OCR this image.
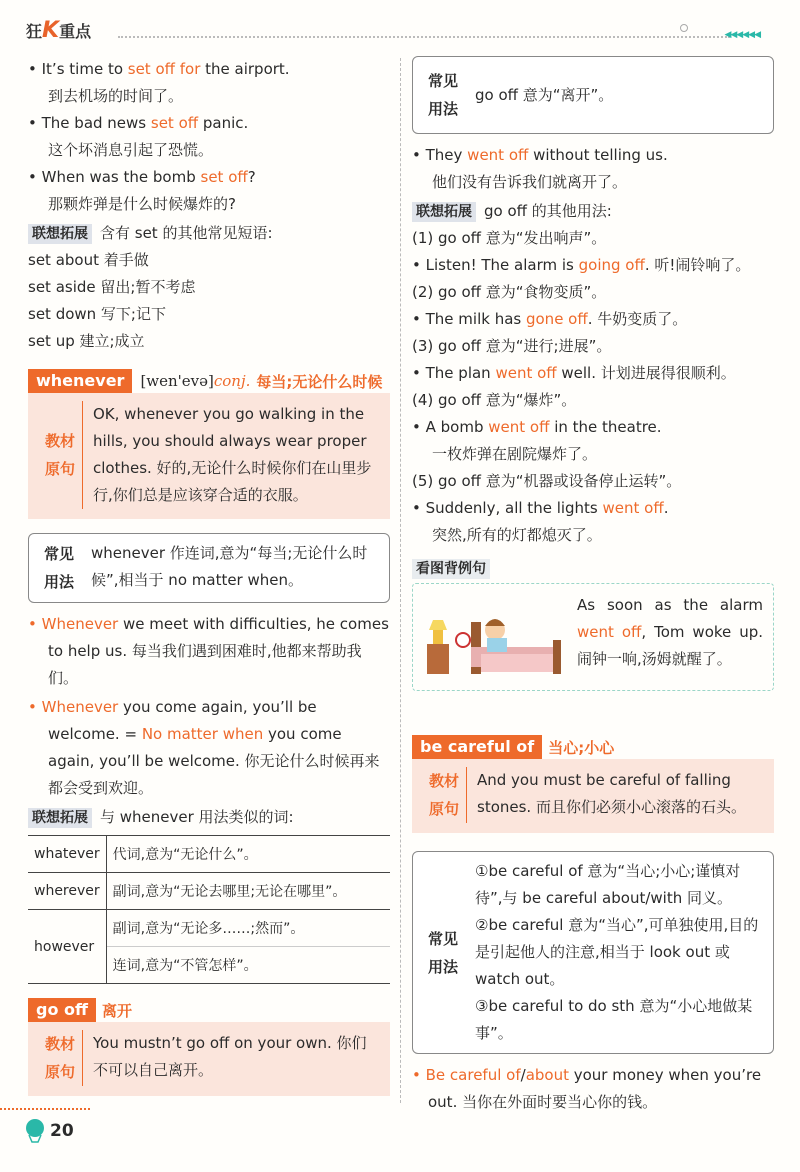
狂K重点	◀◀◀◀◀◀

• It’s time to set off for the airport.

到去机场的时间了。

• The bad news set off panic.

这个坏消息引起了恐慌。

• When was the bomb set off?

那颗炸弹是什么时候爆炸的?

联想拓展 含有 set 的其他常见短语:

set about 着手做

set aside 留出;暂不考虑

set down 写下;记下

set up 建立;成立

whenever	[wen'evə] conj. 每当;无论什么时候
教材原句
OK, whenever you go walking in the hills, you should always wear proper clothes. 好的,无论什么时候你们在山里步行,你们总是应该穿合适的衣服。
常见用法
whenever 作连词,意为“每当;无论什么时候”,相当于 no matter when。

• Whenever we meet with difficulties, he comes to help us. 每当我们遇到困难时,他都来帮助我们。

• Whenever you come again, you’ll be welcome. = No matter when you come again, you’ll be welcome. 你无论什么时候再来都会受到欢迎。

联想拓展 与 whenever 用法类似的词:

whatever	代词,意为“无论什么”。
wherever	副词,意为“无论去哪里;无论在哪里”。
however	副词,意为“无论多……;然而”。
	连词,意为“不管怎样”。
go off 离开
教材原句
You mustn’t go off on your own. 你们不可以自己离开。
常见用法
go off 意为“离开”。

• They went off without telling us.

他们没有告诉我们就离开了。

联想拓展 go off 的其他用法:

(1) go off 意为“发出响声”。

• Listen! The alarm is going off. 听!闹铃响了。

(2) go off 意为“食物变质”。

• The milk has gone off. 牛奶变质了。

(3) go off 意为“进行;进展”。

• The plan went off well. 计划进展得很顺利。

(4) go off 意为“爆炸”。

• A bomb went off in the theatre.

一枚炸弹在剧院爆炸了。

(5) go off 意为“机器或设备停止运转”。

• Suddenly, all the lights went off.

突然,所有的灯都熄灭了。

看图背例句
As soon as the alarm went off, Tom woke up. 闹钟一响,汤姆就醒了。
be careful of 当心;小心
教材原句
And you must be careful of falling stones. 而且你们必须小心滚落的石头。
常见用法
①be careful of 意为“当心;小心;谨慎对待”,与 be careful about/with 同义。
②be careful 意为“当心”,可单独使用,目的是引起他人的注意,相当于 look out 或 watch out。
③be careful to do sth 意为“小心地做某事”。

• Be careful of/about your money when you’re out. 当你在外面时要当心你的钱。

20
